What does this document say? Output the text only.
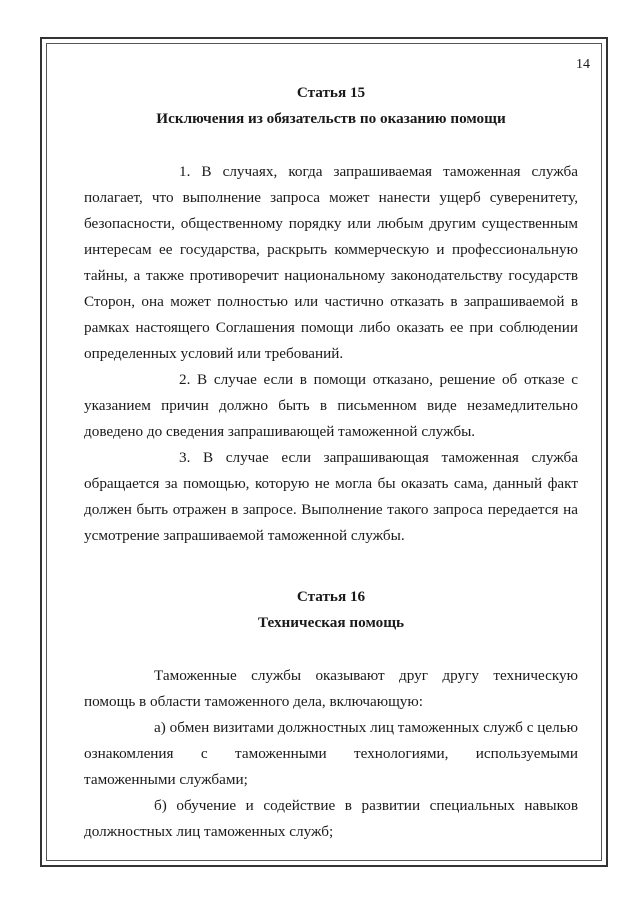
14

Статья 15

Исключения из обязательств по оказанию помощи

1. В случаях, когда запрашиваемая таможенная служба полагает, что выполнение запроса может нанести ущерб суверенитету, безопасности, общественному порядку или любым другим существенным интересам ее государства, раскрыть коммерческую и профессиональную тайны, а также противоречит национальному законодательству государств Сторон, она может полностью или частично отказать в запрашиваемой в рамках настоящего Соглашения помощи либо оказать ее при соблюдении определенных условий или требований.

2. В случае если в помощи отказано, решение об отказе с указанием причин должно быть в письменном виде незамедлительно доведено до сведения запрашивающей таможенной службы.

3. В случае если запрашивающая таможенная служба обращается за помощью, которую не могла бы оказать сама, данный факт должен быть отражен в запросе. Выполнение такого запроса передается на усмотрение запрашиваемой таможенной службы.

Статья 16

Техническая помощь

Таможенные службы оказывают друг другу техническую помощь в области таможенного дела, включающую:

а) обмен визитами должностных лиц таможенных служб с целью ознакомления с таможенными технологиями, используемыми таможенными службами;

б) обучение и содействие в развитии специальных навыков должностных лиц таможенных служб;
